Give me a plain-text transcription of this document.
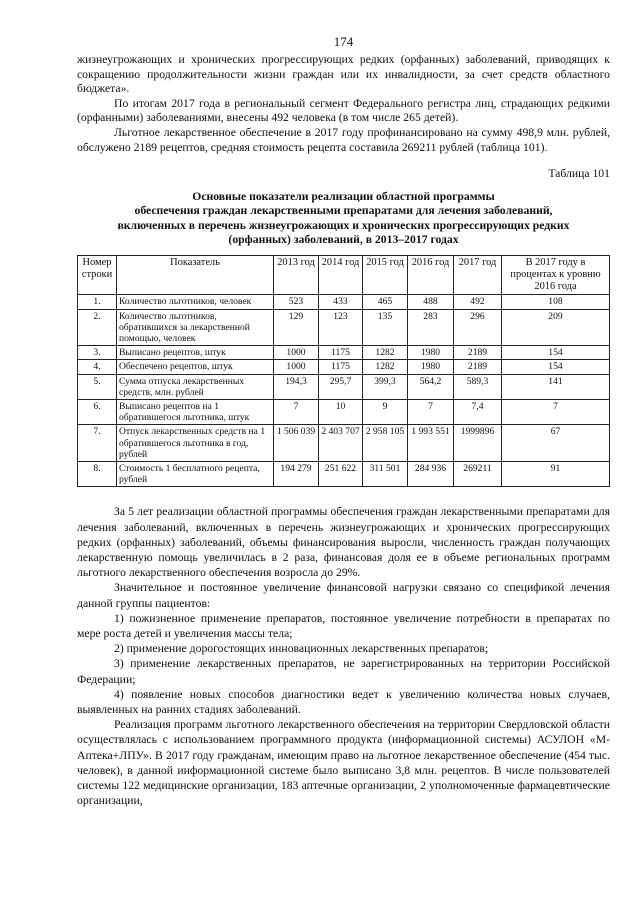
174

жизнеугрожающих и хронических прогрессирующих редких (орфанных) заболеваний, приводящих к сокращению продолжительности жизни граждан или их инвалидности, за счет средств областного бюджета».

По итогам 2017 года в региональный сегмент Федерального регистра лиц, страдающих редкими (орфанными) заболеваниями, внесены 492 человека (в том числе 265 детей).

Льготное лекарственное обеспечение в 2017 году профинансировано на сумму 498,9 млн. рублей, обслужено 2189 рецептов, средняя стоимость рецепта составила 269211 рублей (таблица 101).

Таблица 101
Основные показатели реализации областной программы
обеспечения граждан лекарственными препаратами для лечения заболеваний,
включенных в перечень жизнеугрожающих и хронических прогрессирующих редких
(орфанных) заболеваний, в 2013–2017 годах
Номер строки	Показатель	2013 год	2014 год	2015 год	2016 год	2017 год	В 2017 году в процентах к уровню 2016 года
1.	Количество льготников, человек	523	433	465	488	492	108
2.	Количество льготников, обратившихся за лекарственной помощью, человек	129	123	135	283	296	209
3.	Выписано рецептов, штук	1000	1175	1282	1980	2189	154
4.	Обеспечено рецептов, штук	1000	1175	1282	1980	2189	154
5.	Сумма отпуска лекарственных средств, млн. рублей	194,3	295,7	399,3	564,2	589,3	141
6.	Выписано рецептов на 1 обратившегося льготника, штук	7	10	9	7	7,4	7
7.	Отпуск лекарственных средств на 1 обратившегося льготника в год, рублей	1 506 039	2 403 707	2 958 105	1 993 551	1999896	67
8.	Стоимость 1 бесплатного рецепта, рублей	194 279	251 622	311 501	284 936	269211	91

За 5 лет реализации областной программы обеспечения граждан лекарственными препаратами для лечения заболеваний, включенных в перечень жизнеугрожающих и хронических прогрессирующих редких (орфанных) заболеваний, объемы финансирования выросли, численность граждан получающих лекарственную помощь увеличилась в 2 раза, финансовая доля ее в объеме региональных программ льготного лекарственного обеспечения возросла до 29%.

Значительное и постоянное увеличение финансовой нагрузки связано со спецификой лечения данной группы пациентов:

1) пожизненное применение препаратов, постоянное увеличение потребности в препаратах по мере роста детей и увеличения массы тела;

2) применение дорогостоящих инновационных лекарственных препаратов;

3) применение лекарственных препаратов, не зарегистрированных на территории Российской Федерации;

4) появление новых способов диагностики ведет к увеличению количества новых случаев, выявленных на ранних стадиях заболеваний.

Реализация программ льготного лекарственного обеспечения на территории Свердловской области осуществлялась с использованием программного продукта (информационной системы) АСУЛОН «М-Аптека+ЛПУ». В 2017 году гражданам, имеющим право на льготное лекарственное обеспечение (454 тыс. человек), в данной информационной системе было выписано 3,8 млн. рецептов. В числе пользователей системы 122 медицинские организации, 183 аптечные организации, 2 уполномоченные фармацевтические организации,
